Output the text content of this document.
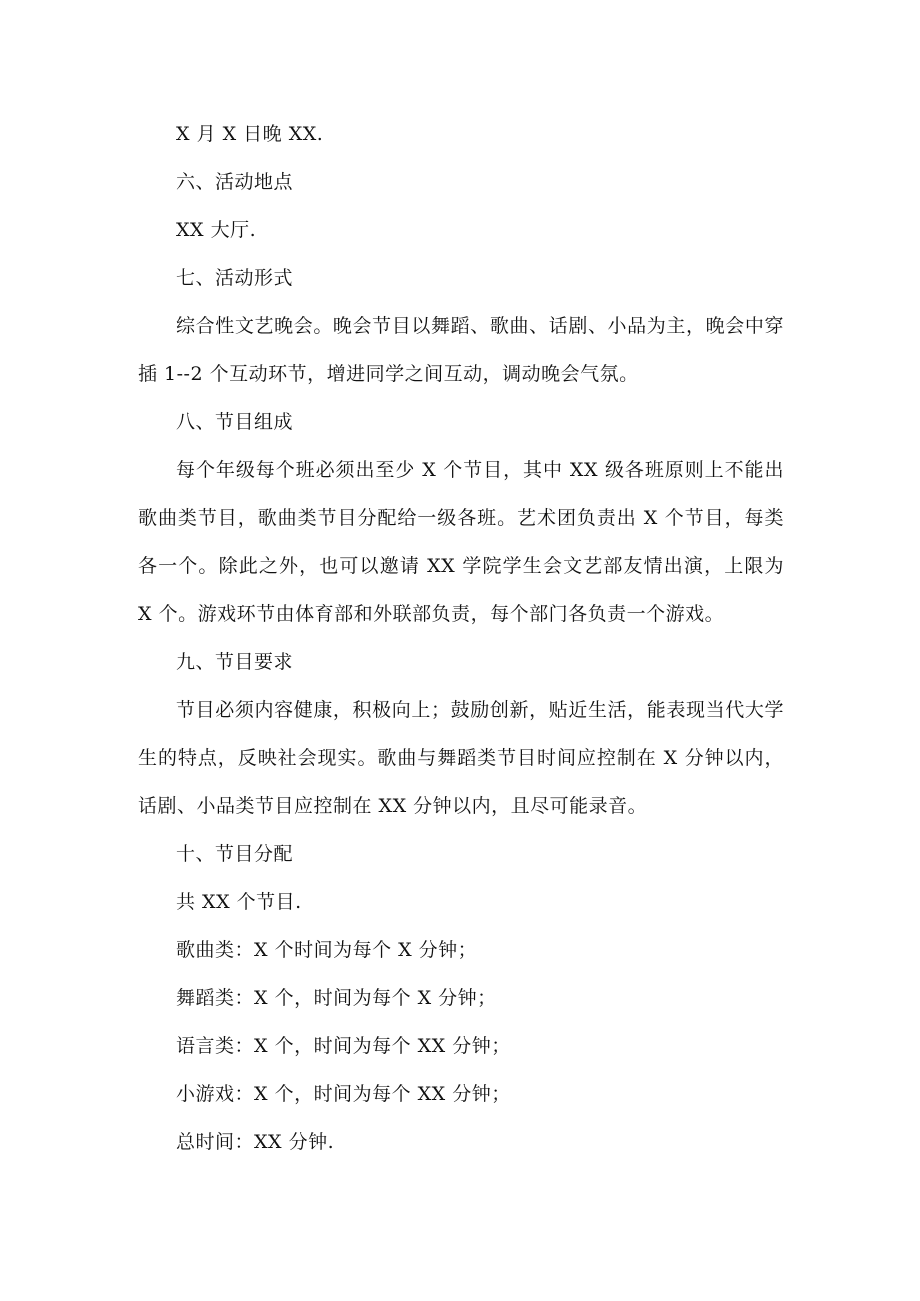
X 月 X 日晚 XX.
六、活动地点
XX 大厅.
七、活动形式

综合性文艺晚会。晚会节目以舞蹈、歌曲、话剧、小品为主，晚会中穿插 1--2 个互动环节，增进同学之间互动，调动晚会气氛。

八、节目组成

每个年级每个班必须出至少 X 个节目，其中 XX 级各班原则上不能出歌曲类节目，歌曲类节目分配给一级各班。艺术团负责出 X 个节目，每类各一个。除此之外，也可以邀请 XX 学院学生会文艺部友情出演，上限为 X 个。游戏环节由体育部和外联部负责，每个部门各负责一个游戏。

九、节目要求

节目必须内容健康，积极向上；鼓励创新，贴近生活，能表现当代大学生的特点，反映社会现实。歌曲与舞蹈类节目时间应控制在 X 分钟以内，话剧、小品类节目应控制在 XX 分钟以内，且尽可能录音。

十、节目分配
共 XX 个节目.
歌曲类：X 个时间为每个 X 分钟；
舞蹈类：X 个，时间为每个 X 分钟；
语言类：X 个，时间为每个 XX 分钟；
小游戏：X 个，时间为每个 XX 分钟；
总时间：XX 分钟.
